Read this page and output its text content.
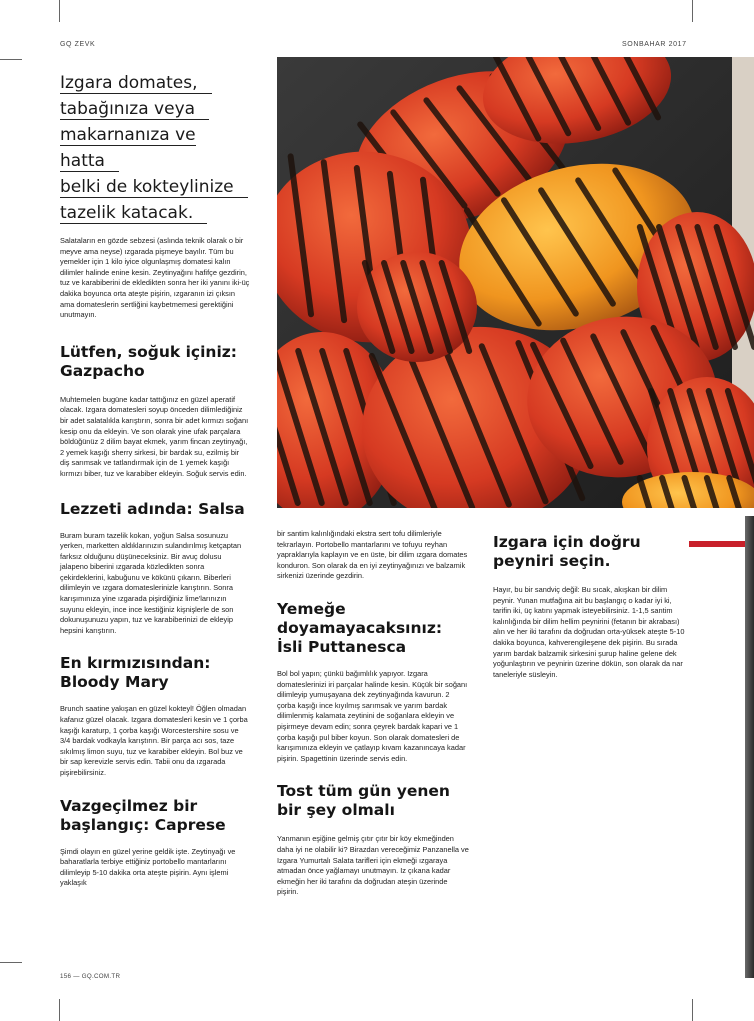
GQ ZEVK	SONBAHAR 2017
Izgara domates,
tabağınıza veya
makarnanıza ve hatta
belki de kokteylinize
tazelik katacak.

Salataların en gözde sebzesi (aslında teknik olarak o bir meyve ama neyse) ızgarada pişmeye bayılır. Tüm bu yemekler için 1 kilo iyice olgunlaşmış domatesi kalın dilimler halinde enine kesin. Zeytinyağını hafifçe gezdirin, tuz ve karabiberini de ekledikten sonra her iki yanını iki-üç dakika boyunca orta ateşte pişirin, ızgaranın izi çıksın ama domateslerin sertliğini kaybetmemesi gerektiğini unutmayın.

Lütfen, soğuk içiniz:
Gazpacho

Muhtemelen bugüne kadar tattığınız en güzel aperatif olacak. Izgara domatesleri soyup önceden dilimlediğiniz bir adet salatalıkla karıştırın, sonra bir adet kırmızı soğanı kesip onu da ekleyin. Ve son olarak yine ufak parçalara böldüğünüz 2 dilim bayat ekmek, yarım fincan zeytinyağı, 2 yemek kaşığı sherry sirkesi, bir bardak su, ezilmiş bir diş sarımsak ve tatlandırmak için de 1 yemek kaşığı kırmızı biber, tuz ve karabiber ekleyin. Soğuk servis edin.

Lezzeti adında: Salsa

Buram buram tazelik kokan, yoğun Salsa sosunuzu yerken, marketten aldıklarınızın sulandırılmış ketçaptan farksız olduğunu düşüneceksiniz. Bir avuç dolusu jalapeno biberini ızgarada közledikten sonra çekirdeklerini, kabuğunu ve kökünü çıkarın. Biberleri dilimleyin ve ızgara domateslerinizle karıştırın. Sonra karışımınıza yine ızgarada pişirdiğiniz lime'larınızın suyunu ekleyin, ince ince kestiğiniz kişnişlerle de son dokunuşunuzu yapın, tuz ve karabiberinizi de ekleyip hepsini karıştırın.

En kırmızısından:
Bloody Mary

Brunch saatine yakışan en güzel kokteyl! Öğlen olmadan kafanız güzel olacak. Izgara domatesleri kesin ve 1 çorba kaşığı karaturp, 1 çorba kaşığı Worcestershire sosu ve 3/4 bardak vodkayla karıştırın. Bir parça acı sos, taze sıkılmış limon suyu, tuz ve karabiber ekleyin. Bol buz ve bir sap kerevizle servis edin. Tabii onu da ızgarada pişirebilirsiniz.

Vazgeçilmez bir
başlangıç: Caprese

Şimdi olayın en güzel yerine geldik işte. Zeytinyağı ve baharatlarla terbiye ettiğiniz portobello mantarlarını dilimleyip 5-10 dakika orta ateşte pişirin. Aynı işlemi yaklaşık

bir santim kalınlığındaki ekstra sert tofu dilimleriyle tekrarlayın. Portobello mantarlarını ve tofuyu reyhan yapraklarıyla kaplayın ve en üste, bir dilim ızgara domates konduron. Son olarak da en iyi zeytinyağınızı ve balzamik sirkenizi üzerinde gezdirin.

Yemeğe
doyamayacaksınız:
İsli Puttanesca

Bol bol yapın; çünkü bağımlılık yapıyor. Izgara domateslerinizi iri parçalar halinde kesin. Küçük bir soğanı dilimleyip yumuşayana dek zeytinyağında kavurun. 2 çorba kaşığı ince kıyılmış sarımsak ve yarım bardak dilimlenmiş kalamata zeytinini de soğanlara ekleyin ve pişirmeye devam edin; sonra çeyrek bardak kapari ve 1 çorba kaşığı pul biber koyun. Son olarak domatesleri de karışımınıza ekleyin ve çatlayıp kıvam kazanıncaya kadar pişirin. Spagettinin üzerinde servis edin.

Tost tüm gün yenen
bir şey olmalı

Yanmanın eşiğine gelmiş çıtır çıtır bir köy ekmeğinden daha iyi ne olabilir ki? Birazdan vereceğimiz Panzanella ve Izgara Yumurtalı Salata tarifleri için ekmeği ızgaraya atmadan önce yağlamayı unutmayın. Iz çıkana kadar ekmeğin her iki tarafını da doğrudan ateşin üzerinde pişirin.

Izgara için doğru
peyniri seçin.

Hayır, bu bir sandviç değil: Bu sıcak, akışkan bir dilim peynir. Yunan mutfağına ait bu başlangıç o kadar iyi ki, tarifin iki, üç katını yapmak isteyebilirsiniz. 1-1,5 santim kalınlığında bir dilim hellim peynirini (fetanın bir akrabası) alın ve her iki tarafını da doğrudan orta-yüksek ateşte 5-10 dakika boyunca, kahverengileşene dek pişirin. Bu sırada yarım bardak balzamik sirkesini şurup haline gelene dek yoğunlaştırın ve peynirin üzerine dökün, son olarak da nar taneleriyle süsleyin.

156 — GQ.COM.TR
